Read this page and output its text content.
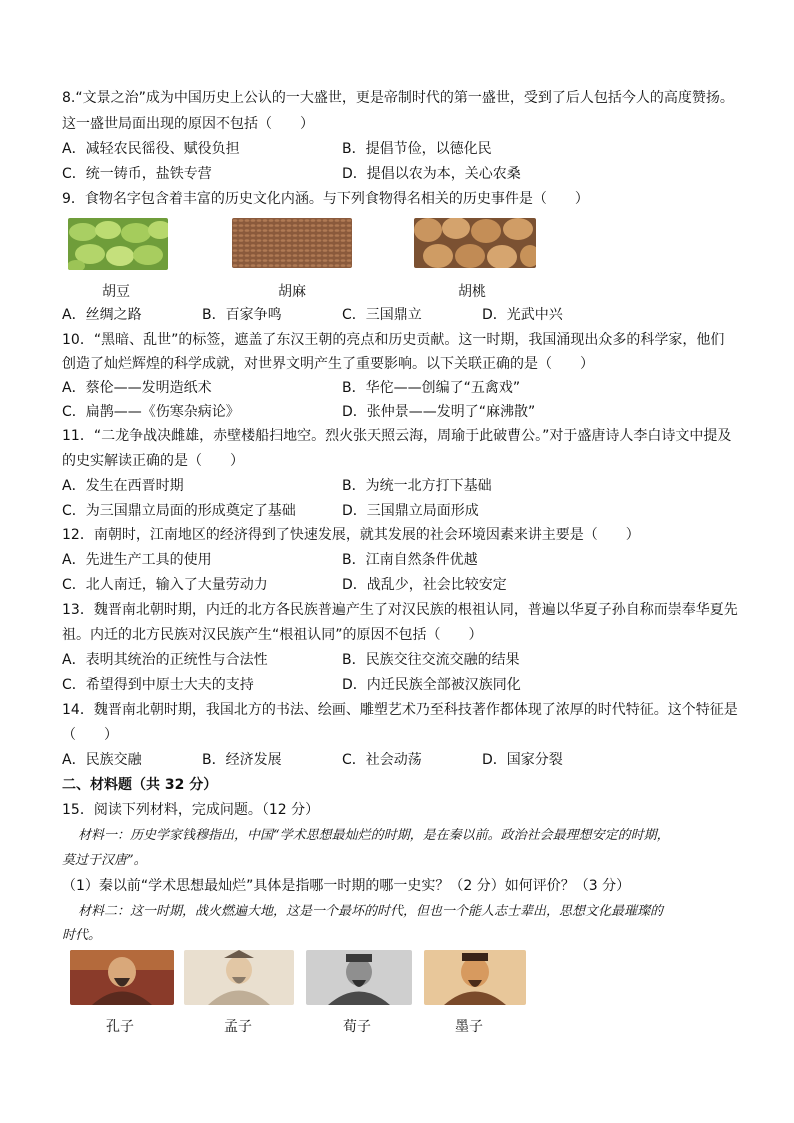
8.“文景之治”成为中国历史上公认的一大盛世，更是帝制时代的第一盛世，受到了后人包括今人的高度赞扬。
这一盛世局面出现的原因不包括（　　）
A．减轻农民徭役、赋役负担	B．提倡节俭，以德化民
C．统一铸币，盐铁专营	D．提倡以农为本，关心农桑
9．食物名字包含着丰富的历史文化内涵。与下列食物得名相关的历史事件是（　　）
胡豆	胡麻	胡桃
A．丝绸之路	B．百家争鸣	C．三国鼎立	D．光武中兴
10．“黑暗、乱世”的标签，遮盖了东汉王朝的亮点和历史贡献。这一时期，我国涌现出众多的科学家，他们
创造了灿烂辉煌的科学成就，对世界文明产生了重要影响。以下关联正确的是（　　）
A．蔡伦——发明造纸术	B．华佗——创编了“五禽戏”
C．扁鹊——《伤寒杂病论》	D．张仲景——发明了“麻沸散”
11．“二龙争战决雌雄，赤壁楼船扫地空。烈火张天照云海，周瑜于此破曹公。”对于盛唐诗人李白诗文中提及
的史实解读正确的是（　　）
A．发生在西晋时期	B．为统一北方打下基础
C．为三国鼎立局面的形成奠定了基础	D．三国鼎立局面形成
12．南朝时，江南地区的经济得到了快速发展，就其发展的社会环境因素来讲主要是（　　）
A．先进生产工具的使用	B．江南自然条件优越
C．北人南迁，输入了大量劳动力	D．战乱少，社会比较安定
13．魏晋南北朝时期，内迁的北方各民族普遍产生了对汉民族的根祖认同，普遍以华夏子孙自称而崇奉华夏先
祖。内迁的北方民族对汉民族产生“根祖认同”的原因不包括（　　）
A．表明其统治的正统性与合法性	B．民族交往交流交融的结果
C．希望得到中原士大夫的支持	D．内迁民族全部被汉族同化
14．魏晋南北朝时期，我国北方的书法、绘画、雕塑艺术乃至科技著作都体现了浓厚的时代特征。这个特征是
（　　）
A．民族交融	B．经济发展	C．社会动荡	D．国家分裂
二、材料题（共 32 分）
15．阅读下列材料，完成问题。（12 分）
材料一：历史学家钱穆指出，中国“学术思想最灿烂的时期，是在秦以前。政治社会最理想安定的时期，
莫过于汉唐”。
（1）秦以前“学术思想最灿烂”具体是指哪一时期的哪一史实？（2 分）如何评价？（3 分）
材料二：这一时期，战火燃遍大地，这是一个最坏的时代，但也一个能人志士辈出，思想文化最璀璨的
时代。
孔子	孟子	荀子	墨子
